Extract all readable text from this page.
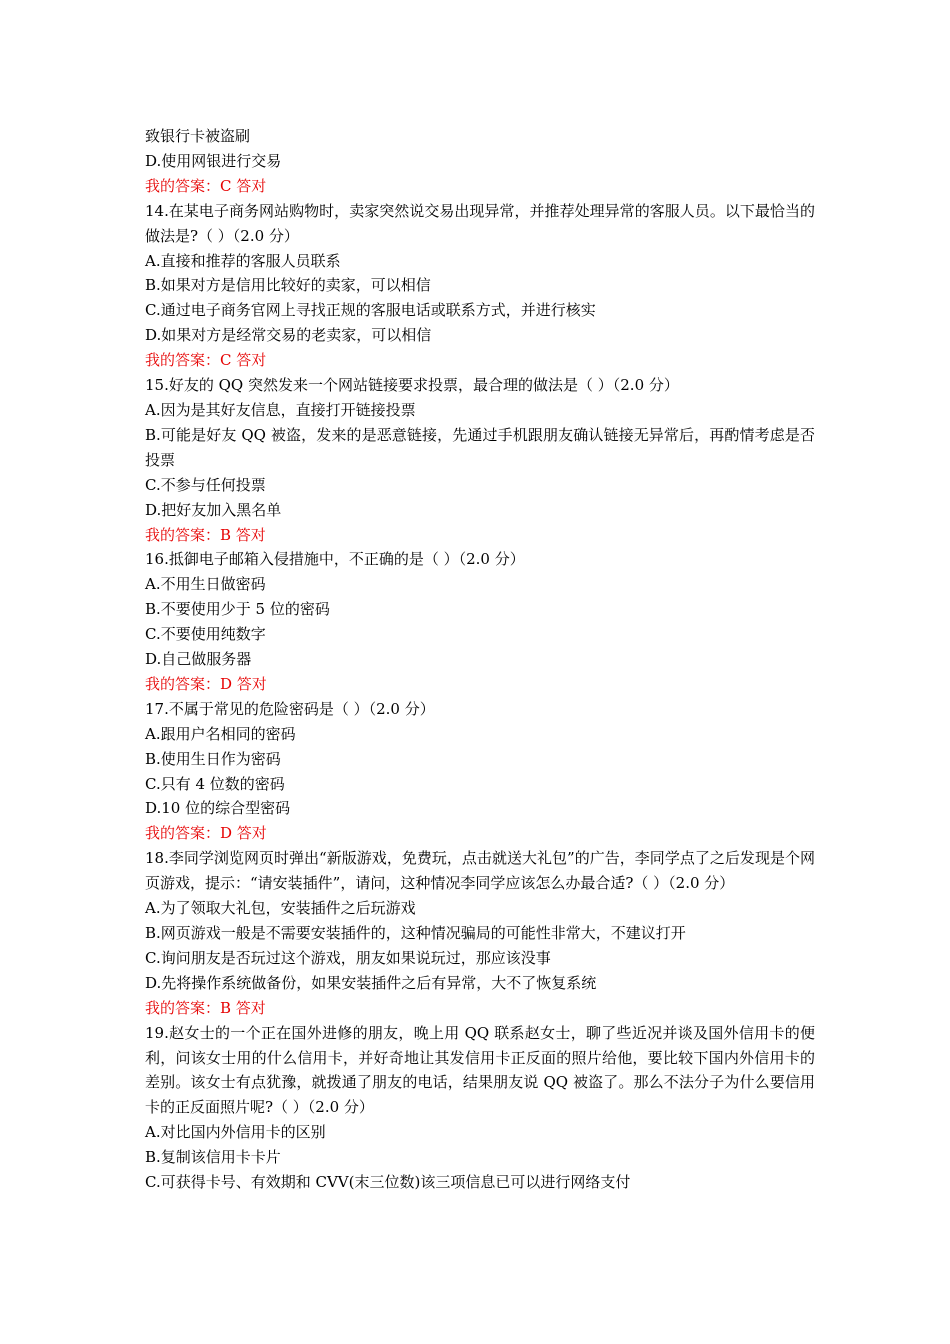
致银行卡被盗刷
D.使用网银进行交易
我的答案：C 答对
14.在某电子商务网站购物时，卖家突然说交易出现异常，并推荐处理异常的客服人员。以下最恰当的做法是?（ ）（2.0 分）
A.直接和推荐的客服人员联系
B.如果对方是信用比较好的卖家，可以相信
C.通过电子商务官网上寻找正规的客服电话或联系方式，并进行核实
D.如果对方是经常交易的老卖家，可以相信
我的答案：C 答对
15.好友的 QQ 突然发来一个网站链接要求投票，最合理的做法是（ ）（2.0 分）
A.因为是其好友信息，直接打开链接投票
B.可能是好友 QQ 被盗，发来的是恶意链接，先通过手机跟朋友确认链接无异常后，再酌情考虑是否投票
C.不参与任何投票
D.把好友加入黑名单
我的答案：B 答对
16.抵御电子邮箱入侵措施中，不正确的是（ ）（2.0 分）
A.不用生日做密码
B.不要使用少于 5 位的密码
C.不要使用纯数字
D.自己做服务器
我的答案：D 答对
17.不属于常见的危险密码是（ ）（2.0 分）
A.跟用户名相同的密码
B.使用生日作为密码
C.只有 4 位数的密码
D.10 位的综合型密码
我的答案：D 答对
18.李同学浏览网页时弹出“新版游戏，免费玩，点击就送大礼包”的广告，李同学点了之后发现是个网页游戏，提示：“请安装插件”，请问，这种情况李同学应该怎么办最合适?（ ）（2.0 分）
A.为了领取大礼包，安装插件之后玩游戏
B.网页游戏一般是不需要安装插件的，这种情况骗局的可能性非常大，不建议打开
C.询问朋友是否玩过这个游戏，朋友如果说玩过，那应该没事
D.先将操作系统做备份，如果安装插件之后有异常，大不了恢复系统
我的答案：B 答对
19.赵女士的一个正在国外进修的朋友，晚上用 QQ 联系赵女士，聊了些近况并谈及国外信用卡的便利，问该女士用的什么信用卡，并好奇地让其发信用卡正反面的照片给他，要比较下国内外信用卡的差别。该女士有点犹豫，就拨通了朋友的电话，结果朋友说 QQ 被盗了。那么不法分子为什么要信用卡的正反面照片呢?（ ）（2.0 分）
A.对比国内外信用卡的区别
B.复制该信用卡卡片
C.可获得卡号、有效期和 CVV(末三位数)该三项信息已可以进行网络支付
